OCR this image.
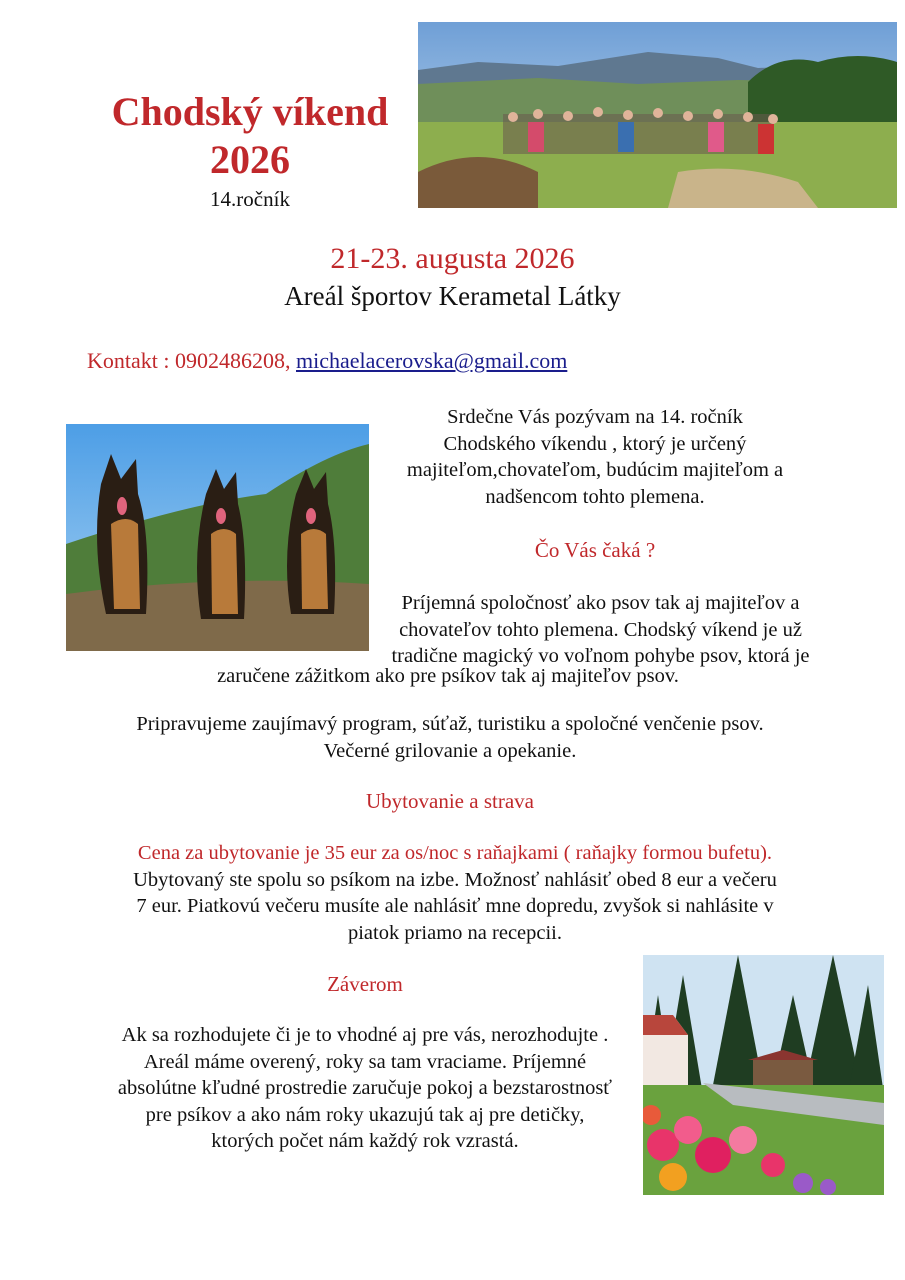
Chodský víkend
2026
14.ročník
21-23. augusta 2026
Areál športov Kerametal Látky
Kontakt : 0902486208, michaelacerovska@gmail.com
Srdečne Vás pozývam na 14. ročník
Chodského víkendu , ktorý je určený
majiteľom,chovateľom, budúcim majiteľom a
nadšencom tohto plemena.
Čo Vás čaká ?
Príjemná spoločnosť ako psov tak aj majiteľov a
chovateľov tohto plemena. Chodský víkend je už
tradične magický vo voľnom pohybe psov, ktorá je
zaručene zážitkom ako pre psíkov tak aj majiteľov psov.
Pripravujeme zaujímavý program, súťaž, turistiku a spoločné venčenie psov.
Večerné grilovanie a opekanie.
Ubytovanie a strava
Cena za ubytovanie je 35 eur za os/noc s raňajkami ( raňajky formou bufetu).
Ubytovaný ste spolu so psíkom na izbe. Možnosť nahlásiť obed 8 eur a večeru
7 eur. Piatkovú večeru musíte ale nahlásiť mne dopredu, zvyšok si nahlásite v
piatok priamo na recepcii.
Záverom
Ak sa rozhodujete či je to vhodné aj pre vás, nerozhodujte .
Areál máme overený, roky sa tam vraciame. Príjemné
absolútne kľudné prostredie zaručuje pokoj a bezstarostnosť
pre psíkov a ako nám roky ukazujú tak aj pre detičky,
ktorých počet nám každý rok vzrastá.
